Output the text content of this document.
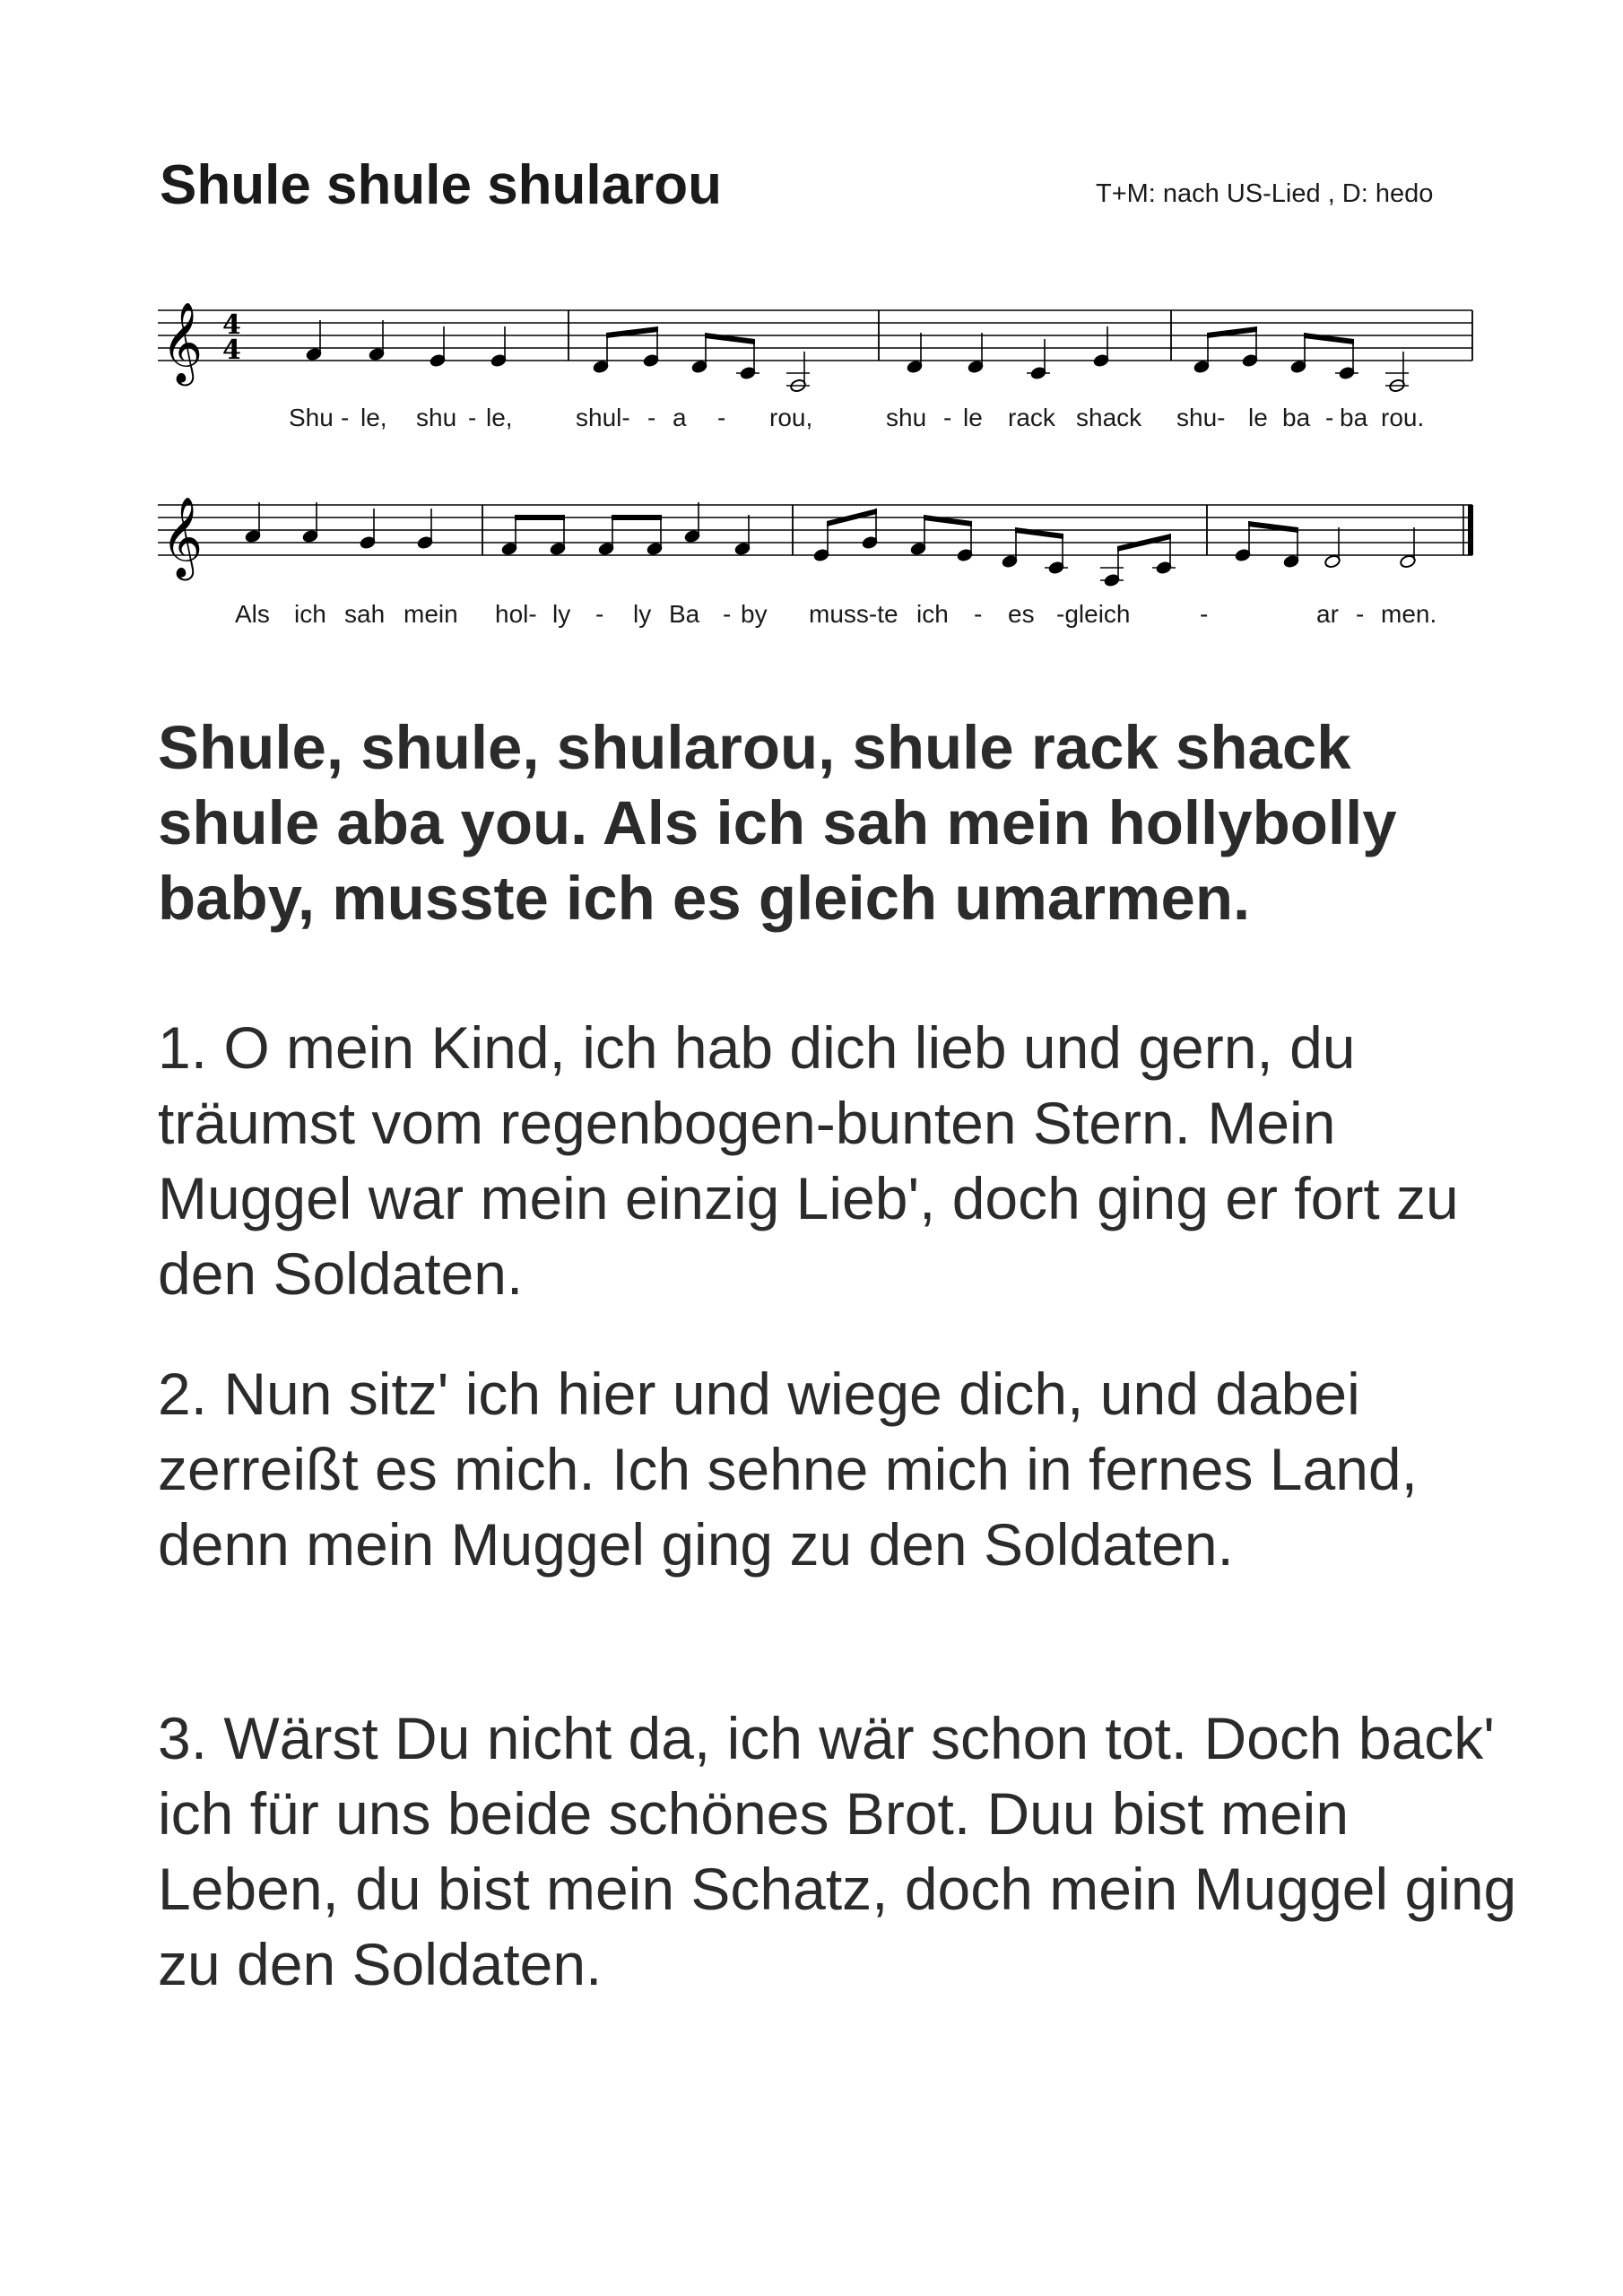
Shule shule shularou	T+M: nach US-Lied , D: hedo
𝄞 4
4
Shu - le, shu - le,	shul- - a - rou,	shu - le rack shack shu- le ba - ba rou.
𝄞
Als ich sah mein hol- ly - ly Ba - by muss-te ich - es -gleich	-	ar - men.
Shule, shule, shularou, shule rack shack shule aba you. Als ich sah mein hollybolly baby, musste ich es gleich umarmen.
1. O mein Kind, ich hab dich lieb und gern, du träumst vom regenbogen-bunten Stern. Mein Muggel war mein einzig Lieb', doch ging er fort zu den Soldaten.
2. Nun sitz' ich hier und wiege dich, und dabei zerreißt es mich. Ich sehne mich in fernes Land, denn mein Muggel ging zu den Soldaten.
3. Wärst Du nicht da, ich wär schon tot. Doch back' ich für uns beide schönes Brot. Duu bist mein Leben, du bist mein Schatz, doch mein Muggel ging zu den Soldaten.
